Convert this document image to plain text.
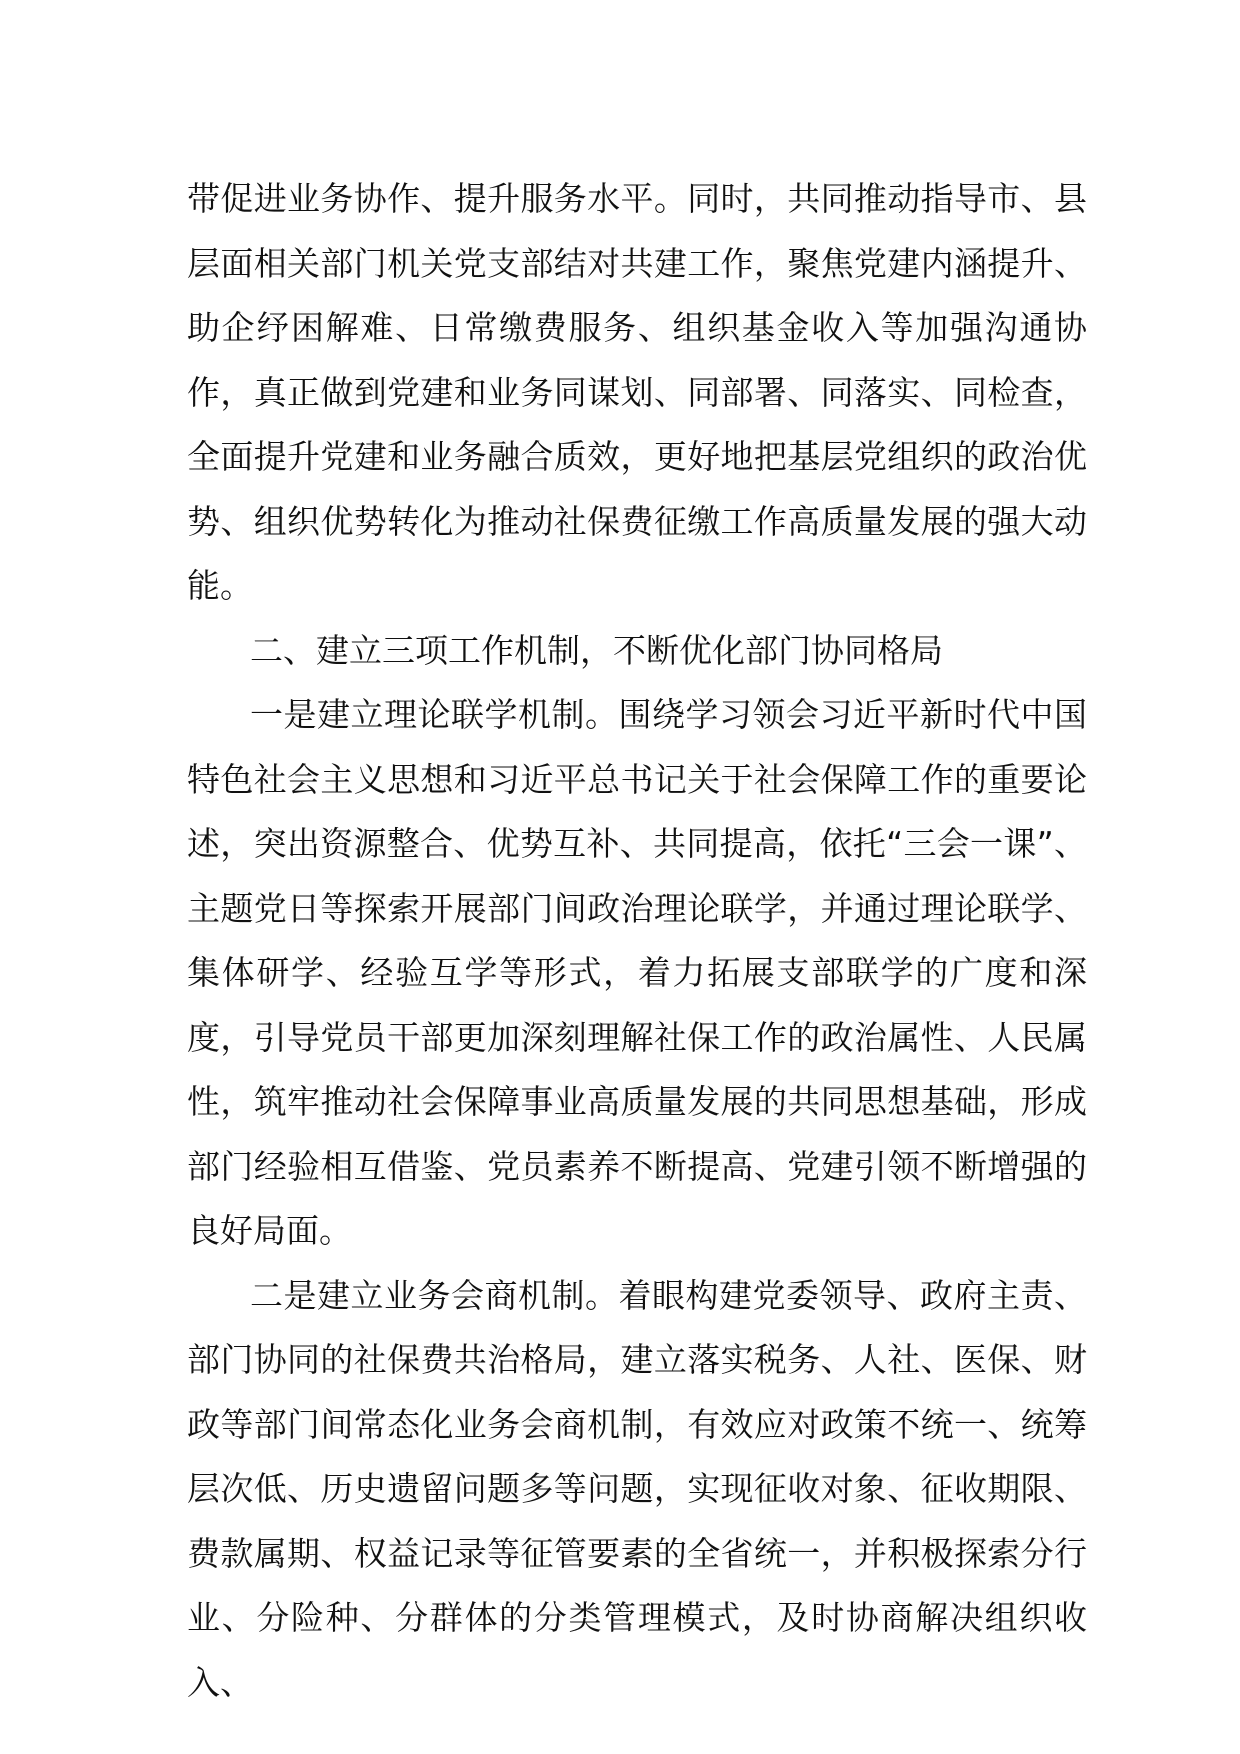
带促进业务协作、提升服务水平。同时，共同推动指导市、县层面相关部门机关党支部结对共建工作，聚焦党建内涵提升、助企纾困解难、日常缴费服务、组织基金收入等加强沟通协作，真正做到党建和业务同谋划、同部署、同落实、同检查，全面提升党建和业务融合质效，更好地把基层党组织的政治优势、组织优势转化为推动社保费征缴工作高质量发展的强大动能。

二、建立三项工作机制，不断优化部门协同格局

一是建立理论联学机制。围绕学习领会习近平新时代中国特色社会主义思想和习近平总书记关于社会保障工作的重要论述，突出资源整合、优势互补、共同提高，依托“三会一课”、主题党日等探索开展部门间政治理论联学，并通过理论联学、集体研学、经验互学等形式，着力拓展支部联学的广度和深度，引导党员干部更加深刻理解社保工作的政治属性、人民属性，筑牢推动社会保障事业高质量发展的共同思想基础，形成部门经验相互借鉴、党员素养不断提高、党建引领不断增强的良好局面。

二是建立业务会商机制。着眼构建党委领导、政府主责、部门协同的社保费共治格局，建立落实税务、人社、医保、财政等部门间常态化业务会商机制，有效应对政策不统一、统筹层次低、历史遗留问题多等问题，实现征收对象、征收期限、费款属期、权益记录等征管要素的全省统一，并积极探索分行业、分险种、分群体的分类管理模式，及时协商解决组织收入、
